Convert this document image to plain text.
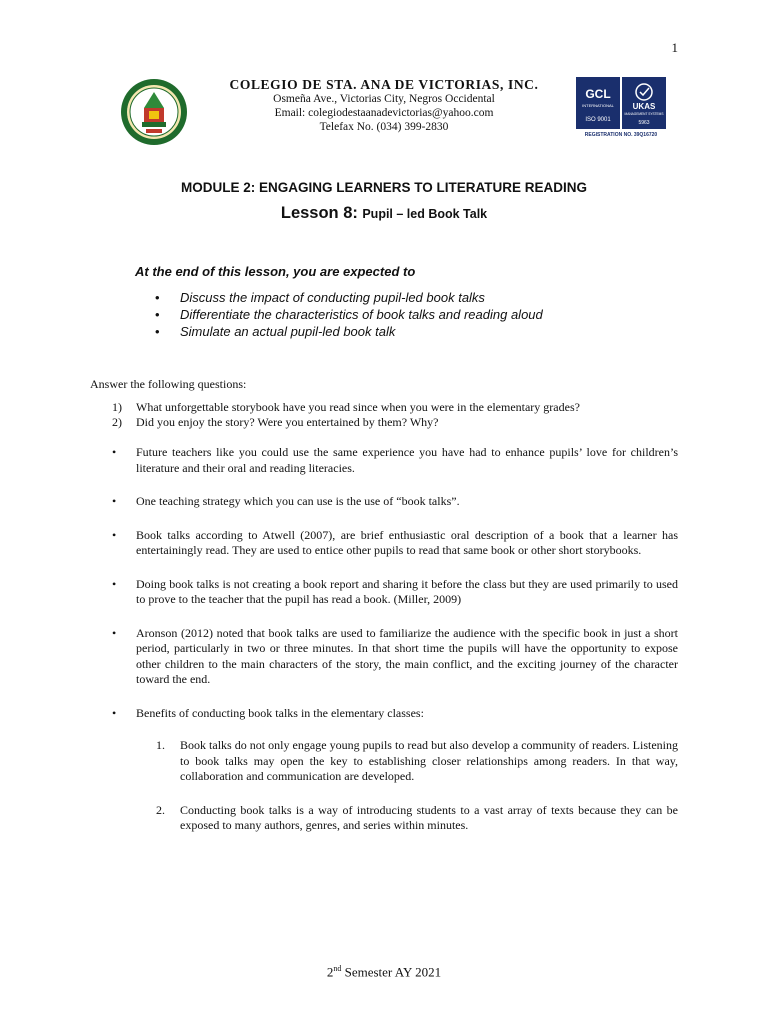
1
COLEGIO DE STA. ANA DE VICTORIAS, INC.
Osmeña Ave., Victorias City, Negros Occidental
Email: colegiodestaanadevictorias@yahoo.com
Telefax No. (034) 399-2830
GCL
INTERNATIONAL
ISO 9001
UKAS
MANAGEMENT SYSTEMS
5963
REGISTRATION NO. 39Q16720
MODULE 2: ENGAGING LEARNERS TO LITERATURE READING
Lesson 8: Pupil – led Book Talk
At the end of this lesson, you are expected to
• Discuss the impact of conducting pupil-led book talks
• Differentiate the characteristics of book talks and reading aloud
• Simulate an actual pupil-led book talk
Answer the following questions:
1) What unforgettable storybook have you read since when you were in the elementary grades?
2) Did you enjoy the story? Were you entertained by them? Why?
• Future teachers like you could use the same experience you have had to enhance pupils’ love for children’s literature and their oral and reading literacies.
• One teaching strategy which you can use is the use of “book talks”.
• Book talks according to Atwell (2007), are brief enthusiastic oral description of a book that a learner has entertainingly read. They are used to entice other pupils to read that same book or other short storybooks.
• Doing book talks is not creating a book report and sharing it before the class but they are used primarily to used to prove to the teacher that the pupil has read a book. (Miller, 2009)
• Aronson (2012) noted that book talks are used to familiarize the audience with the specific book in just a short period, particularly in two or three minutes. In that short time the pupils will have the opportunity to expose other children to the main characters of the story, the main conflict, and the exciting journey of the character toward the end.
• Benefits of conducting book talks in the elementary classes:
1. Book talks do not only engage young pupils to read but also develop a community of readers. Listening to book talks may open the key to establishing closer relationships among readers. In that way, collaboration and communication are developed.
2. Conducting book talks is a way of introducing students to a vast array of texts because they can be exposed to many authors, genres, and series within minutes.
2nd Semester AY 2021
